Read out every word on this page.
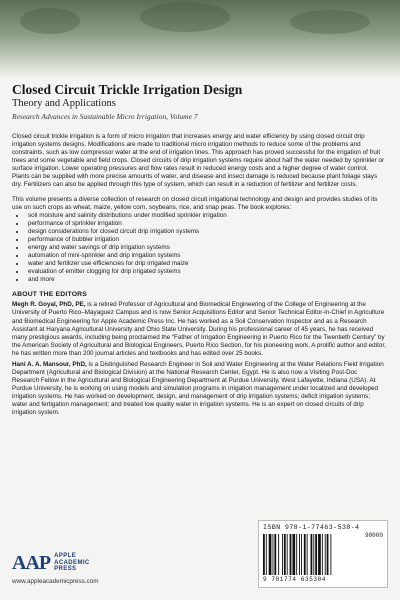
Closed Circuit Trickle Irrigation Design
Theory and Applications
Research Advances in Sustainable Micro Irrigation, Volume 7

Closed circuit trickle irrigation is a form of micro irrigation that increases energy and water efficiency by using closed circuit drip irrigation systems designs. Modifications are made to traditional micro irrigation methods to reduce some of the problems and constraints, such as low compressor water at the end of irrigation lines. This approach has proved successful for the irrigation of fruit trees and some vegetable and field crops. Closed circuits of drip irrigation systems require about half the water needed by sprinkler or surface irrigation. Lower operating pressures and flow rates result in reduced energy costs and a higher degree of water control. Plants can be supplied with more precise amounts of water, and disease and insect damage is reduced because plant foliage stays dry. Fertilizers can also be applied through this type of system, which can result in a reduction of fertilizer and fertilizer costs.

This volume presents a diverse collection of research on closed circuit irrigational technology and design and provides studies of its use on such crops as wheat, maize, yellow corn, soybeans, rice, and snap peas. The book explores:

• soil moisture and salinity distributions under modified sprinkler irrigation
• performance of sprinkler irrigation
• design considerations for closed circuit drip irrigation systems
• performance of bubbler irrigation
• energy and water savings of drip irrigation systems
• automation of mini-sprinkler and drip irrigation systems
• water and fertilizer use efficiencies for drip irrigated maize
• evaluation of emitter clogging for drip irrigated systems
• and more
ABOUT THE EDITORS

Megh R. Goyal, PhD, PE, is a retired Professor of Agricultural and Biomedical Engineering of the College of Engineering at the University of Puerto Rico–Mayaguez Campus and is now Senior Acquisitions Editor and Senior Technical Editor-in-Chief in Agriculture and Biomedical Engineering for Apple Academic Press Inc. He has worked as a Soil Conservation Inspector and as a Research Assistant at Haryana Agricultural University and Ohio State University. During his professional career of 45 years, he has received many prestigious awards, including being proclaimed the “Father of Irrigation Engineering in Puerto Rico for the Twentieth Century” by the American Society of Agricultural and Biological Engineers, Puerto Rico Section, for his pioneering work. A prolific author and editor, he has written more than 200 journal articles and textbooks and has edited over 25 books.

Hani A. A. Mansour, PhD, is a Distinguished Research Engineer in Soil and Water Engineering at the Water Relations Field Irrigation Department (Agricultural and Biological Division) at the National Research Center, Egypt. He is also now a Visiting Post-Doc Research Fellow in the Agricultural and Biological Engineering Department at Purdue University, West Lafayette, Indiana (USA). At Purdue University, he is working on using models and simulation programs in irrigation management under localized and developed irrigation systems. He has worked on development, design, and management of drip irrigation systems; deficit irrigation systems; water and fertigation management; and treated low quality water in irrigation systems. He is an expert on closed circuits of drip irrigation system.

ISBN 978-1-77463-538-4
90000
9 781774 635384
AAP APPLE
ACADEMIC
PRESS
www.appleacademicpress.com
